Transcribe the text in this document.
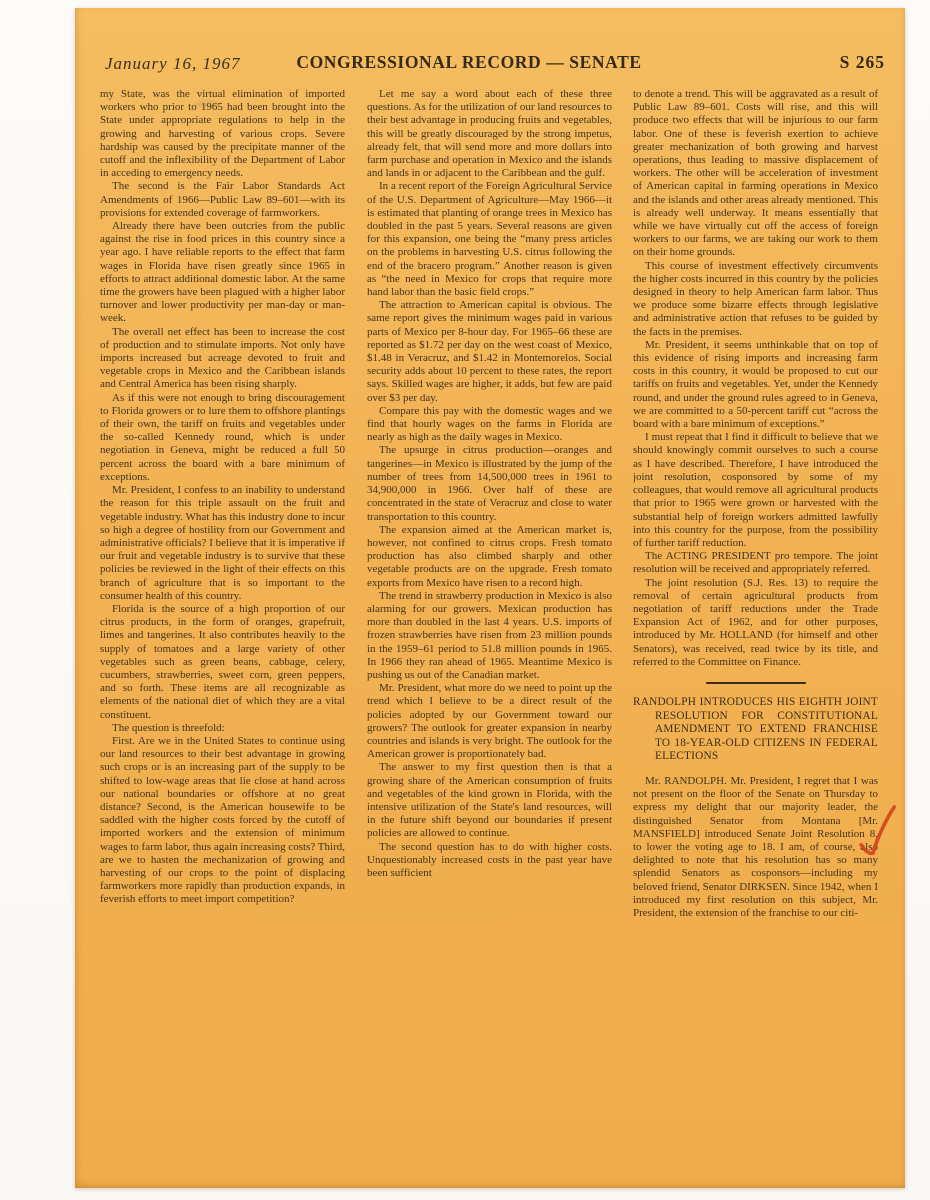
January 16, 1967	CONGRESSIONAL RECORD — SENATE	S 265

my State, was the virtual elimination of imported workers who prior to 1965 had been brought into the State under appropriate regulations to help in the growing and harvesting of various crops. Severe hardship was caused by the precipitate manner of the cutoff and the inflexibility of the Department of Labor in acceding to emergency needs.

The second is the Fair Labor Standards Act Amendments of 1966—Public Law 89–601—with its provisions for extended coverage of farmworkers.

Already there have been outcries from the public against the rise in food prices in this country since a year ago. I have reliable reports to the effect that farm wages in Florida have risen greatly since 1965 in efforts to attract additional domestic labor. At the same time the growers have been plagued with a higher labor turnover and lower productivity per man-day or man-week.

The overall net effect has been to increase the cost of production and to stimulate imports. Not only have imports increased but acreage devoted to fruit and vegetable crops in Mexico and the Caribbean islands and Central America has been rising sharply.

As if this were not enough to bring discouragement to Florida growers or to lure them to offshore plantings of their own, the tariff on fruits and vegetables under the so-called Kennedy round, which is under negotiation in Geneva, might be reduced a full 50 percent across the board with a bare minimum of exceptions.

Mr. President, I confess to an inability to understand the reason for this triple assault on the fruit and vegetable industry. What has this industry done to incur so high a degree of hostility from our Government and administrative officials? I believe that it is imperative if our fruit and vegetable industry is to survive that these policies be reviewed in the light of their effects on this branch of agriculture that is so important to the consumer health of this country.

Florida is the source of a high proportion of our citrus products, in the form of oranges, grapefruit, limes and tangerines. It also contributes heavily to the supply of tomatoes and a large variety of other vegetables such as green beans, cabbage, celery, cucumbers, strawberries, sweet corn, green peppers, and so forth. These items are all recognizable as elements of the national diet of which they are a vital constituent.

The question is threefold:

First. Are we in the United States to continue using our land resources to their best advantage in growing such crops or is an increasing part of the supply to be shifted to low-wage areas that lie close at hand across our national boundaries or offshore at no great distance? Second, is the American housewife to be saddled with the higher costs forced by the cutoff of imported workers and the extension of minimum wages to farm labor, thus again increasing costs? Third, are we to hasten the mechanization of growing and harvesting of our crops to the point of displacing farmworkers more rapidly than production expands, in feverish efforts to meet import competition?

Let me say a word about each of these three questions. As for the utilization of our land resources to their best advantage in producing fruits and vegetables, this will be greatly discouraged by the strong impetus, already felt, that will send more and more dollars into farm purchase and operation in Mexico and the islands and lands in or adjacent to the Caribbean and the gulf.

In a recent report of the Foreign Agricultural Service of the U.S. Department of Agriculture—May 1966—it is estimated that planting of orange trees in Mexico has doubled in the past 5 years. Several reasons are given for this expansion, one being the “many press articles on the problems in harvesting U.S. citrus following the end of the bracero program.” Another reason is given as “the need in Mexico for crops that require more hand labor than the basic field crops.”

The attraction to American capital is obvious. The same report gives the minimum wages paid in various parts of Mexico per 8-hour day. For 1965–66 these are reported as $1.72 per day on the west coast of Mexico, $1.48 in Veracruz, and $1.42 in Montemorelos. Social security adds about 10 percent to these rates, the report says. Skilled wages are higher, it adds, but few are paid over $3 per day.

Compare this pay with the domestic wages and we find that hourly wages on the farms in Florida are nearly as high as the daily wages in Mexico.

The upsurge in citrus production—oranges and tangerines—in Mexico is illustrated by the jump of the number of trees from 14,500,000 trees in 1961 to 34,900,000 in 1966. Over half of these are concentrated in the state of Veracruz and close to water transportation to this country.

The expansion aimed at the American market is, however, not confined to citrus crops. Fresh tomato production has also climbed sharply and other vegetable products are on the upgrade. Fresh tomato exports from Mexico have risen to a record high.

The trend in strawberry production in Mexico is also alarming for our growers. Mexican production has more than doubled in the last 4 years. U.S. imports of frozen strawberries have risen from 23 million pounds in the 1959–61 period to 51.8 million pounds in 1965. In 1966 they ran ahead of 1965. Meantime Mexico is pushing us out of the Canadian market.

Mr. President, what more do we need to point up the trend which I believe to be a direct result of the policies adopted by our Government toward our growers? The outlook for greater expansion in nearby countries and islands is very bright. The outlook for the American grower is proportionately bad.

The answer to my first question then is that a growing share of the American consumption of fruits and vegetables of the kind grown in Florida, with the intensive utilization of the State's land resources, will in the future shift beyond our boundaries if present policies are allowed to continue.

The second question has to do with higher costs. Unquestionably increased costs in the past year have been sufficient

to denote a trend. This will be aggravated as a result of Public Law 89–601. Costs will rise, and this will produce two effects that will be injurious to our farm labor. One of these is feverish exertion to achieve greater mechanization of both growing and harvest operations, thus leading to massive displacement of workers. The other will be acceleration of investment of American capital in farming operations in Mexico and the islands and other areas already mentioned. This is already well underway. It means essentially that while we have virtually cut off the access of foreign workers to our farms, we are taking our work to them on their home grounds.

This course of investment effectively circumvents the higher costs incurred in this country by the policies designed in theory to help American farm labor. Thus we produce some bizarre effects through legislative and administrative action that refuses to be guided by the facts in the premises.

Mr. President, it seems unthinkable that on top of this evidence of rising imports and increasing farm costs in this country, it would be proposed to cut our tariffs on fruits and vegetables. Yet, under the Kennedy round, and under the ground rules agreed to in Geneva, we are committed to a 50-percent tariff cut “across the board with a bare minimum of exceptions.”

I must repeat that I find it difficult to believe that we should knowingly commit ourselves to such a course as I have described. Therefore, I have introduced the joint resolution, cosponsored by some of my colleagues, that would remove all agricultural products that prior to 1965 were grown or harvested with the substantial help of foreign workers admitted lawfully into this country for the purpose, from the possibility of further tariff reduction.

The ACTING PRESIDENT pro tempore. The joint resolution will be received and appropriately referred.

The joint resolution (S.J. Res. 13) to require the removal of certain agricultural products from negotiation of tariff reductions under the Trade Expansion Act of 1962, and for other purposes, introduced by Mr. HOLLAND (for himself and other Senators), was received, read twice by its title, and referred to the Committee on Finance.

RANDOLPH INTRODUCES HIS EIGHTH JOINT RESOLUTION FOR CONSTITUTIONAL AMENDMENT TO EXTEND FRANCHISE TO 18-YEAR-OLD CITIZENS IN FEDERAL ELECTIONS

Mr. RANDOLPH. Mr. President, I regret that I was not present on the floor of the Senate on Thursday to express my delight that our majority leader, the distinguished Senator from Montana [Mr. MANSFIELD] introduced Senate Joint Resolution 8, to lower the voting age to 18. I am, of course, also delighted to note that his resolution has so many splendid Senators as cosponsors—including my beloved friend, Senator DIRKSEN. Since 1942, when I introduced my first resolution on this subject, Mr. President, the extension of the franchise to our citi-
